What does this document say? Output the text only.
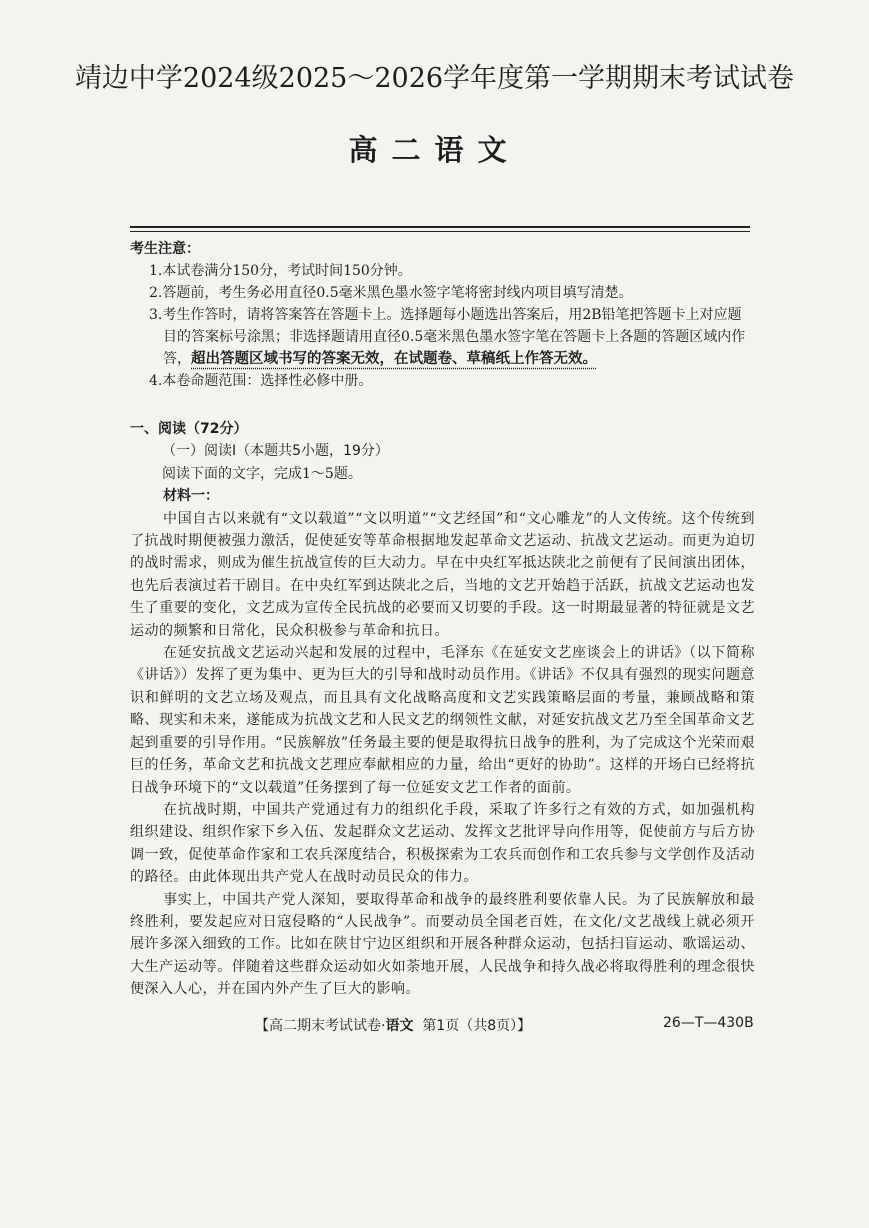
靖边中学2024级2025～2026学年度第一学期期末考试试卷
高二语文
考生注意：
1.本试卷满分150分，考试时间150分钟。
2.答题前，考生务必用直径0.5毫米黑色墨水签字笔将密封线内项目填写清楚。
3.考生作答时，请将答案答在答题卡上。选择题每小题选出答案后，用2B铅笔把答题卡上对应题目的答案标号涂黑；非选择题请用直径0.5毫米黑色墨水签字笔在答题卡上各题的答题区域内作答，超出答题区域书写的答案无效，在试题卷、草稿纸上作答无效。
4.本卷命题范围：选择性必修中册。
一、阅读（72分）
（一）阅读Ⅰ（本题共5小题，19分）
阅读下面的文字，完成1～5题。
材料一：

中国自古以来就有“文以载道”“文以明道”“文艺经国”和“文心雕龙”的人文传统。这个传统到了抗战时期便被强力激活，促使延安等革命根据地发起革命文艺运动、抗战文艺运动。而更为迫切的战时需求，则成为催生抗战宣传的巨大动力。早在中央红军抵达陕北之前便有了民间演出团体，也先后表演过若干剧目。在中央红军到达陕北之后，当地的文艺开始趋于活跃，抗战文艺运动也发生了重要的变化，文艺成为宣传全民抗战的必要而又切要的手段。这一时期最显著的特征就是文艺运动的频繁和日常化，民众积极参与革命和抗日。

在延安抗战文艺运动兴起和发展的过程中，毛泽东《在延安文艺座谈会上的讲话》（以下简称《讲话》）发挥了更为集中、更为巨大的引导和战时动员作用。《讲话》不仅具有强烈的现实问题意识和鲜明的文艺立场及观点，而且具有文化战略高度和文艺实践策略层面的考量，兼顾战略和策略、现实和未来，遂能成为抗战文艺和人民文艺的纲领性文献，对延安抗战文艺乃至全国革命文艺起到重要的引导作用。“民族解放”任务最主要的便是取得抗日战争的胜利，为了完成这个光荣而艰巨的任务，革命文艺和抗战文艺理应奉献相应的力量，给出“更好的协助”。这样的开场白已经将抗日战争环境下的“文以载道”任务摆到了每一位延安文艺工作者的面前。

在抗战时期，中国共产党通过有力的组织化手段，采取了许多行之有效的方式，如加强机构组织建设、组织作家下乡入伍、发起群众文艺运动、发挥文艺批评导向作用等，促使前方与后方协调一致，促使革命作家和工农兵深度结合，积极探索为工农兵而创作和工农兵参与文学创作及活动的路径。由此体现出共产党人在战时动员民众的伟力。

事实上，中国共产党人深知，要取得革命和战争的最终胜利要依靠人民。为了民族解放和最终胜利，要发起应对日寇侵略的“人民战争”。而要动员全国老百姓，在文化/文艺战线上就必须开展许多深入细致的工作。比如在陕甘宁边区组织和开展各种群众运动，包括扫盲运动、歌谣运动、大生产运动等。伴随着这些群众运动如火如荼地开展，人民战争和持久战必将取得胜利的理念很快便深入人心，并在国内外产生了巨大的影响。

【高二期末考试试卷·语文 第1页（共8页）】	26—T—430B
